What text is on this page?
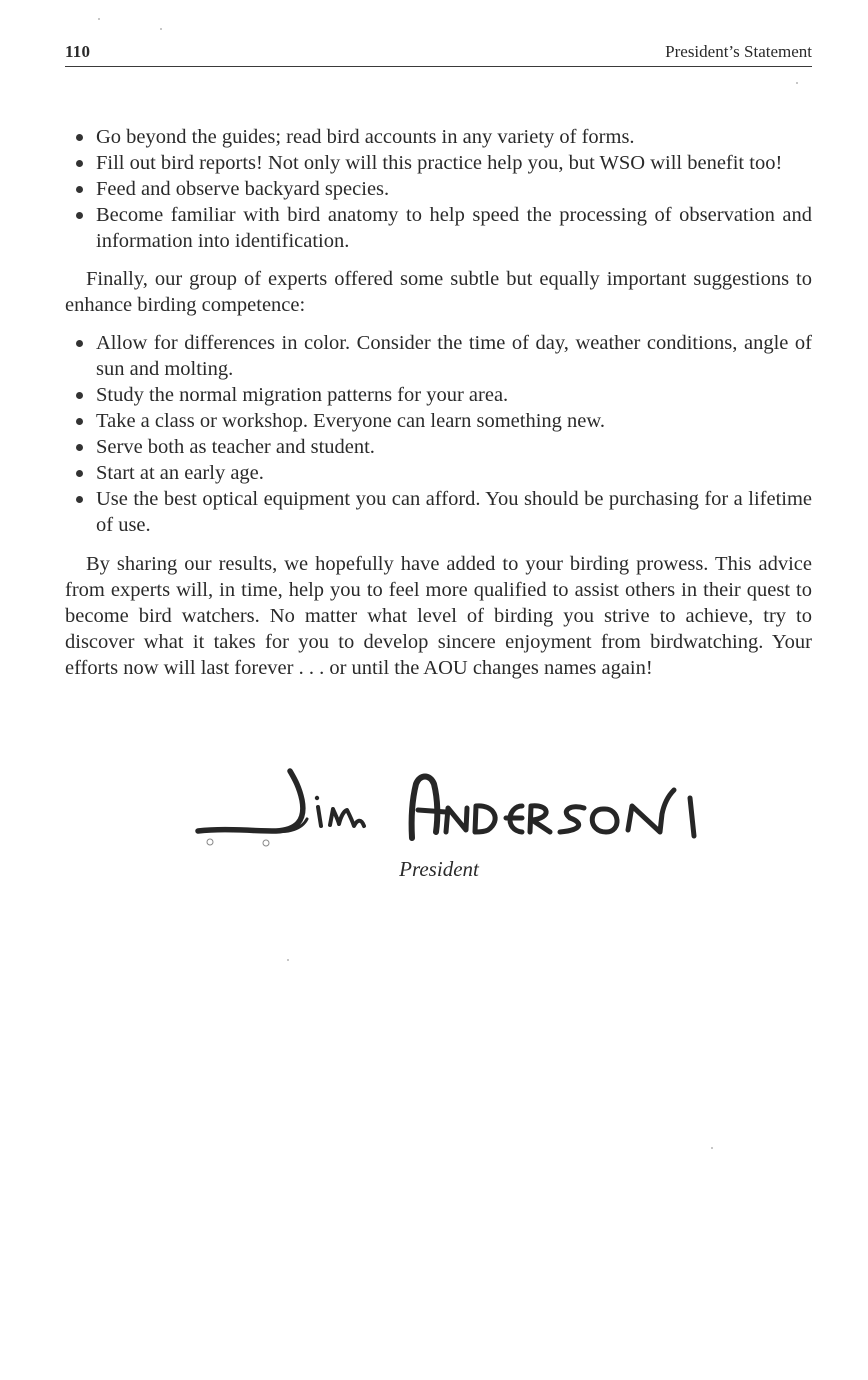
110	President’s Statement
Go beyond the guides; read bird accounts in any variety of forms.
Fill out bird reports! Not only will this practice help you, but WSO will benefit too!
Feed and observe backyard species.
Become familiar with bird anatomy to help speed the processing of observation and information into identification.

Finally, our group of experts offered some subtle but equally important suggestions to enhance birding competence:

Allow for differences in color. Consider the time of day, weather conditions, angle of sun and molting.
Study the normal migration patterns for your area.
Take a class or workshop. Everyone can learn something new.
Serve both as teacher and student.
Start at an early age.
Use the best optical equipment you can afford. You should be purchasing for a lifetime of use.

By sharing our results, we hopefully have added to your birding prowess. This advice from experts will, in time, help you to feel more qualified to assist others in their quest to become bird watchers. No matter what level of birding you strive to achieve, try to discover what it takes for you to develop sincere enjoyment from birdwatching. Your efforts now will last forever . . . or until the AOU changes names again!

President
